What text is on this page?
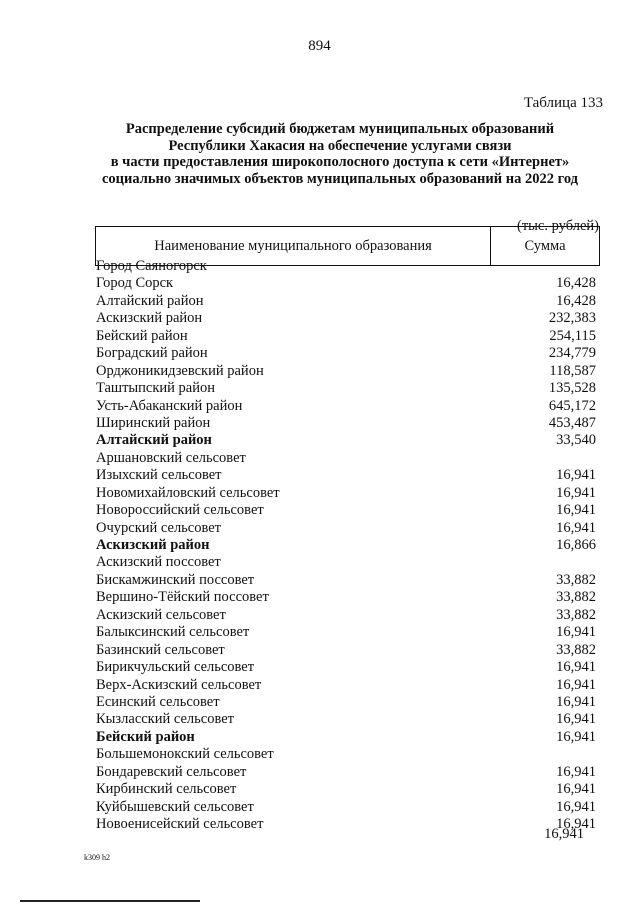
894
Таблица 133
Распределение субсидий бюджетам муниципальных образований
Республики Хакасия на обеспечение услугами связи
в части предоставления широкополосного доступа к сети «Интернет»
социально значимых объектов муниципальных образований на 2022 год
(тыс. рублей)
Наименование муниципального образования	Сумма
Город Саяногорск
Город Сорск	16,428
Алтайский район	16,428
Аскизский район	232,383
Бейский район	254,115
Боградский район	234,779
Орджоникидзевский район	118,587
Таштыпский район	135,528
Усть-Абаканский район	645,172
Ширинский район	453,487
Алтайский район	33,540
Аршановский сельсовет
Изыхский сельсовет	16,941
Новомихайловский сельсовет	16,941
Новороссийский сельсовет	16,941
Очурский сельсовет	16,941
Аскизский район	16,866
Аскизский поссовет
Бискамжинский поссовет	33,882
Вершино-Тёйский поссовет	33,882
Аскизский сельсовет	33,882
Балыксинский сельсовет	16,941
Базинский сельсовет	33,882
Бирикчульский сельсовет	16,941
Верх-Аскизский сельсовет	16,941
Есинский сельсовет	16,941
Кызласский сельсовет	16,941
Бейский район	16,941
Большемонокский сельсовет
Бондаревский сельсовет	16,941
Кирбинский сельсовет	16,941
Куйбышевский сельсовет	16,941
Новоенисейский сельсовет	16,941
16,941
k309 h2
